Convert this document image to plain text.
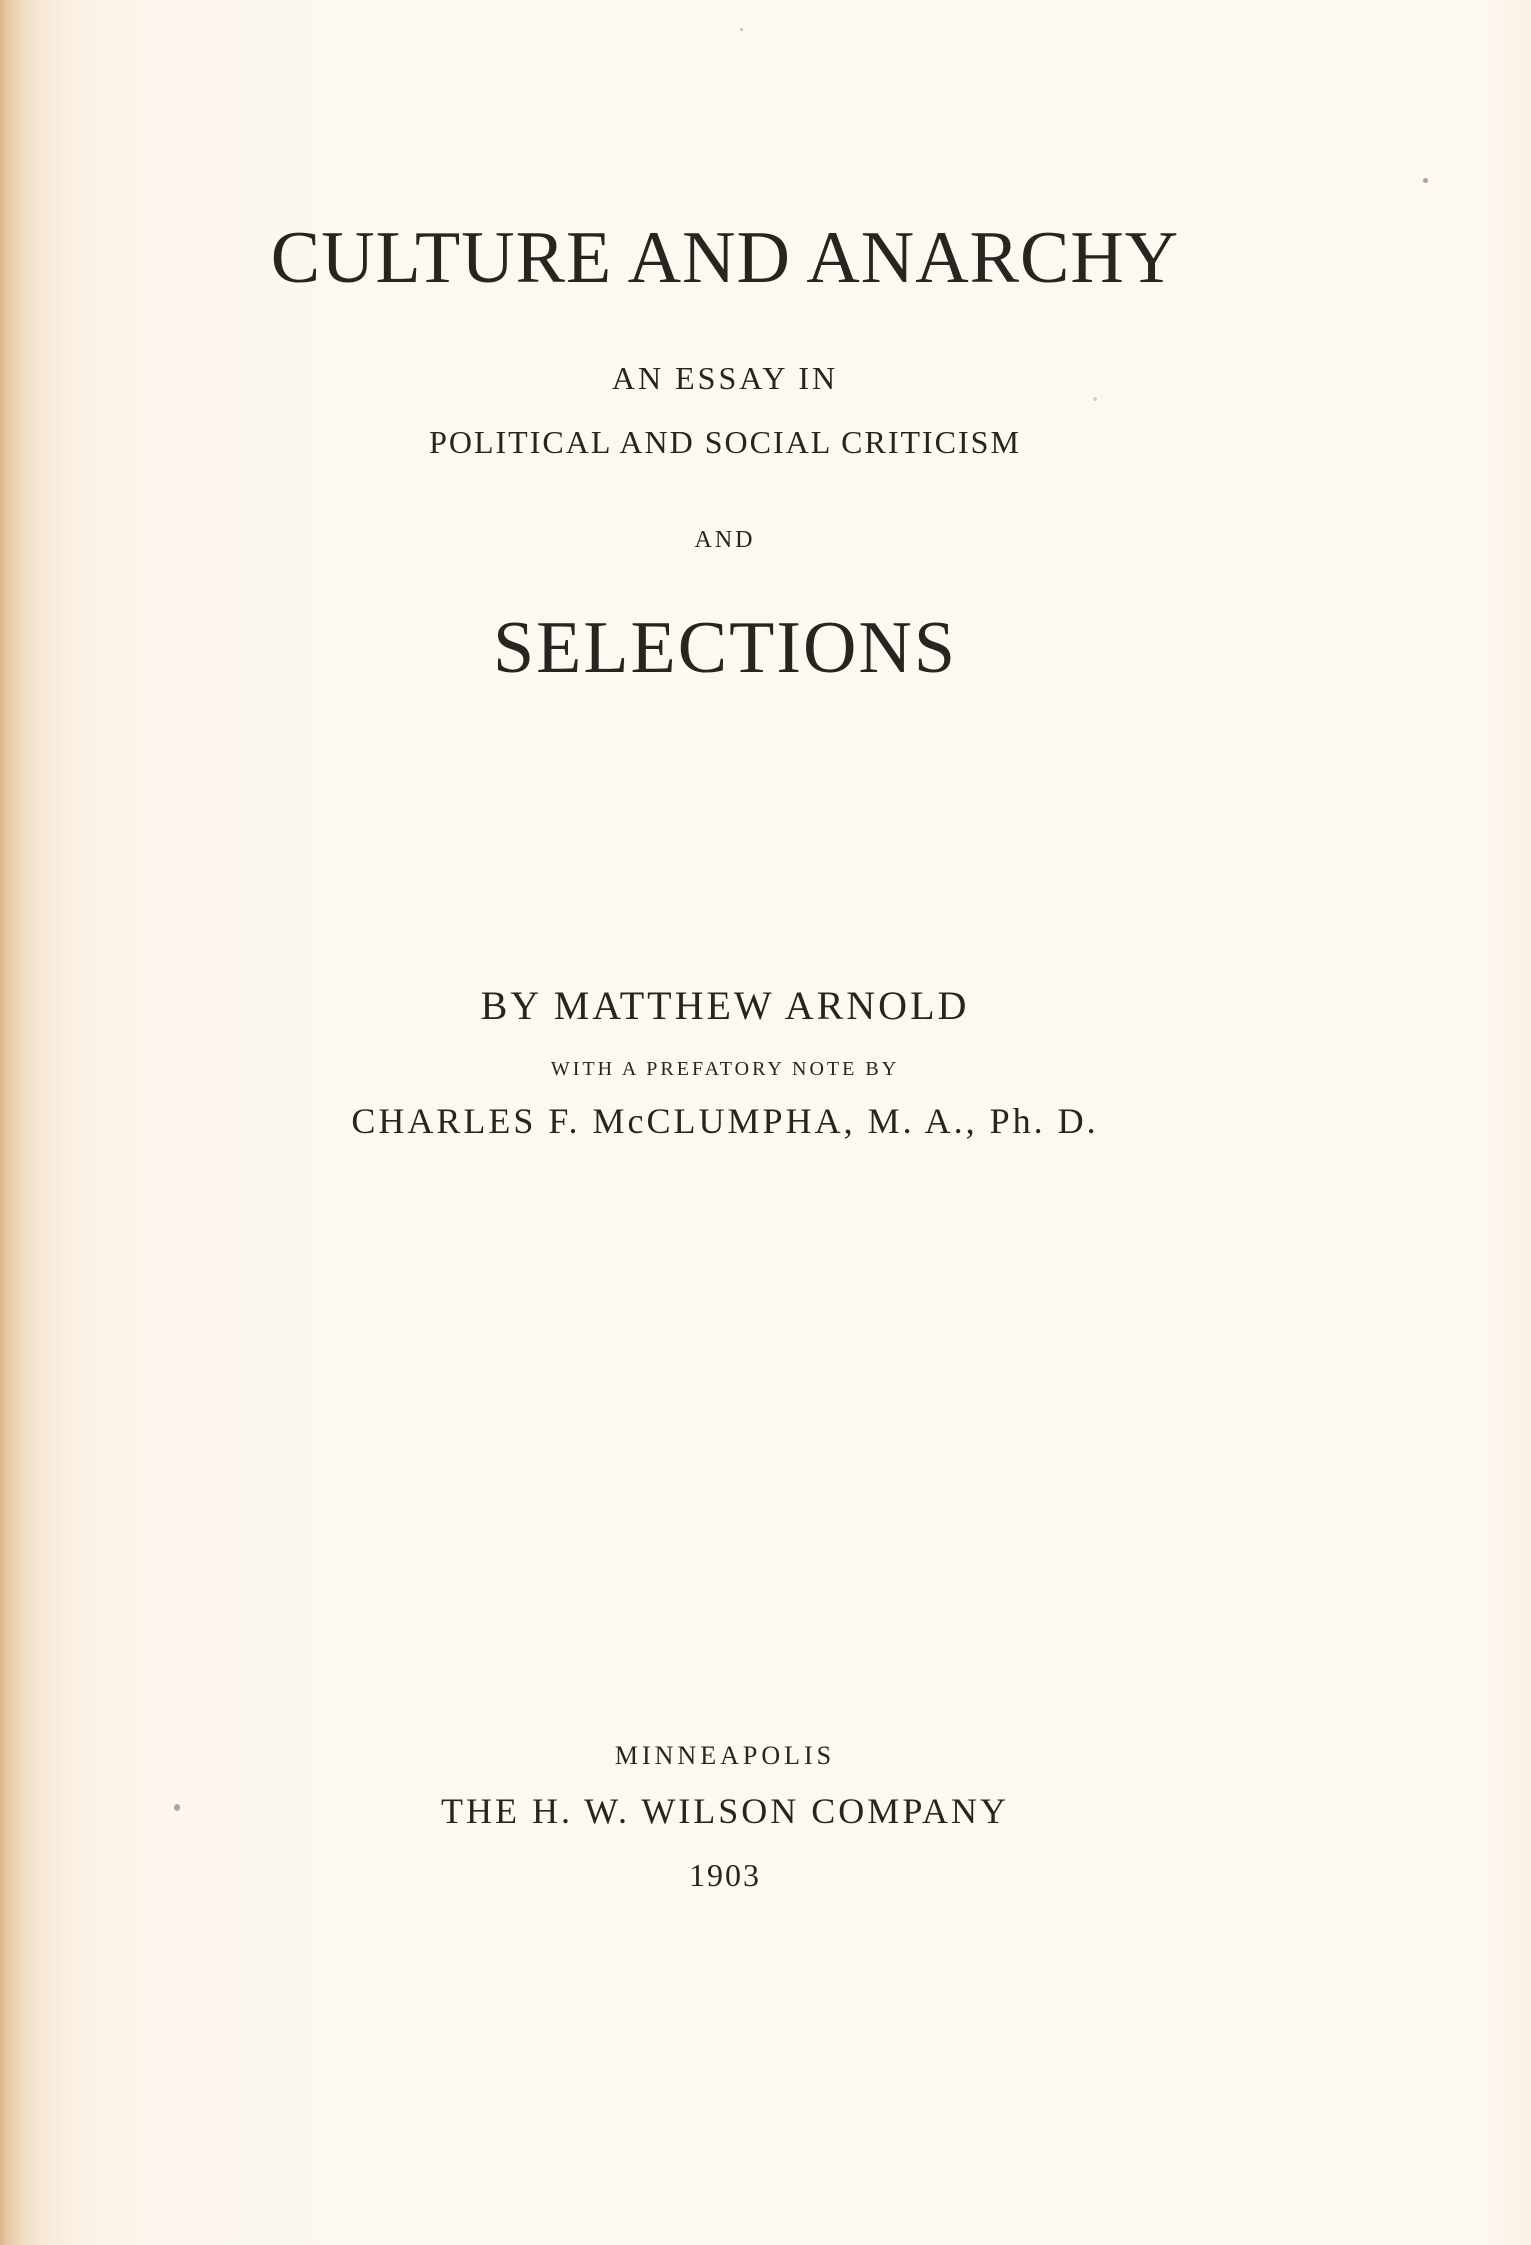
CULTURE AND ANARCHY
AN ESSAY IN
POLITICAL AND SOCIAL CRITICISM
AND
SELECTIONS
BY MATTHEW ARNOLD
WITH A PREFATORY NOTE BY
CHARLES F. McCLUMPHA, M. A., Ph. D.
MINNEAPOLIS
THE H. W. WILSON COMPANY
1903
